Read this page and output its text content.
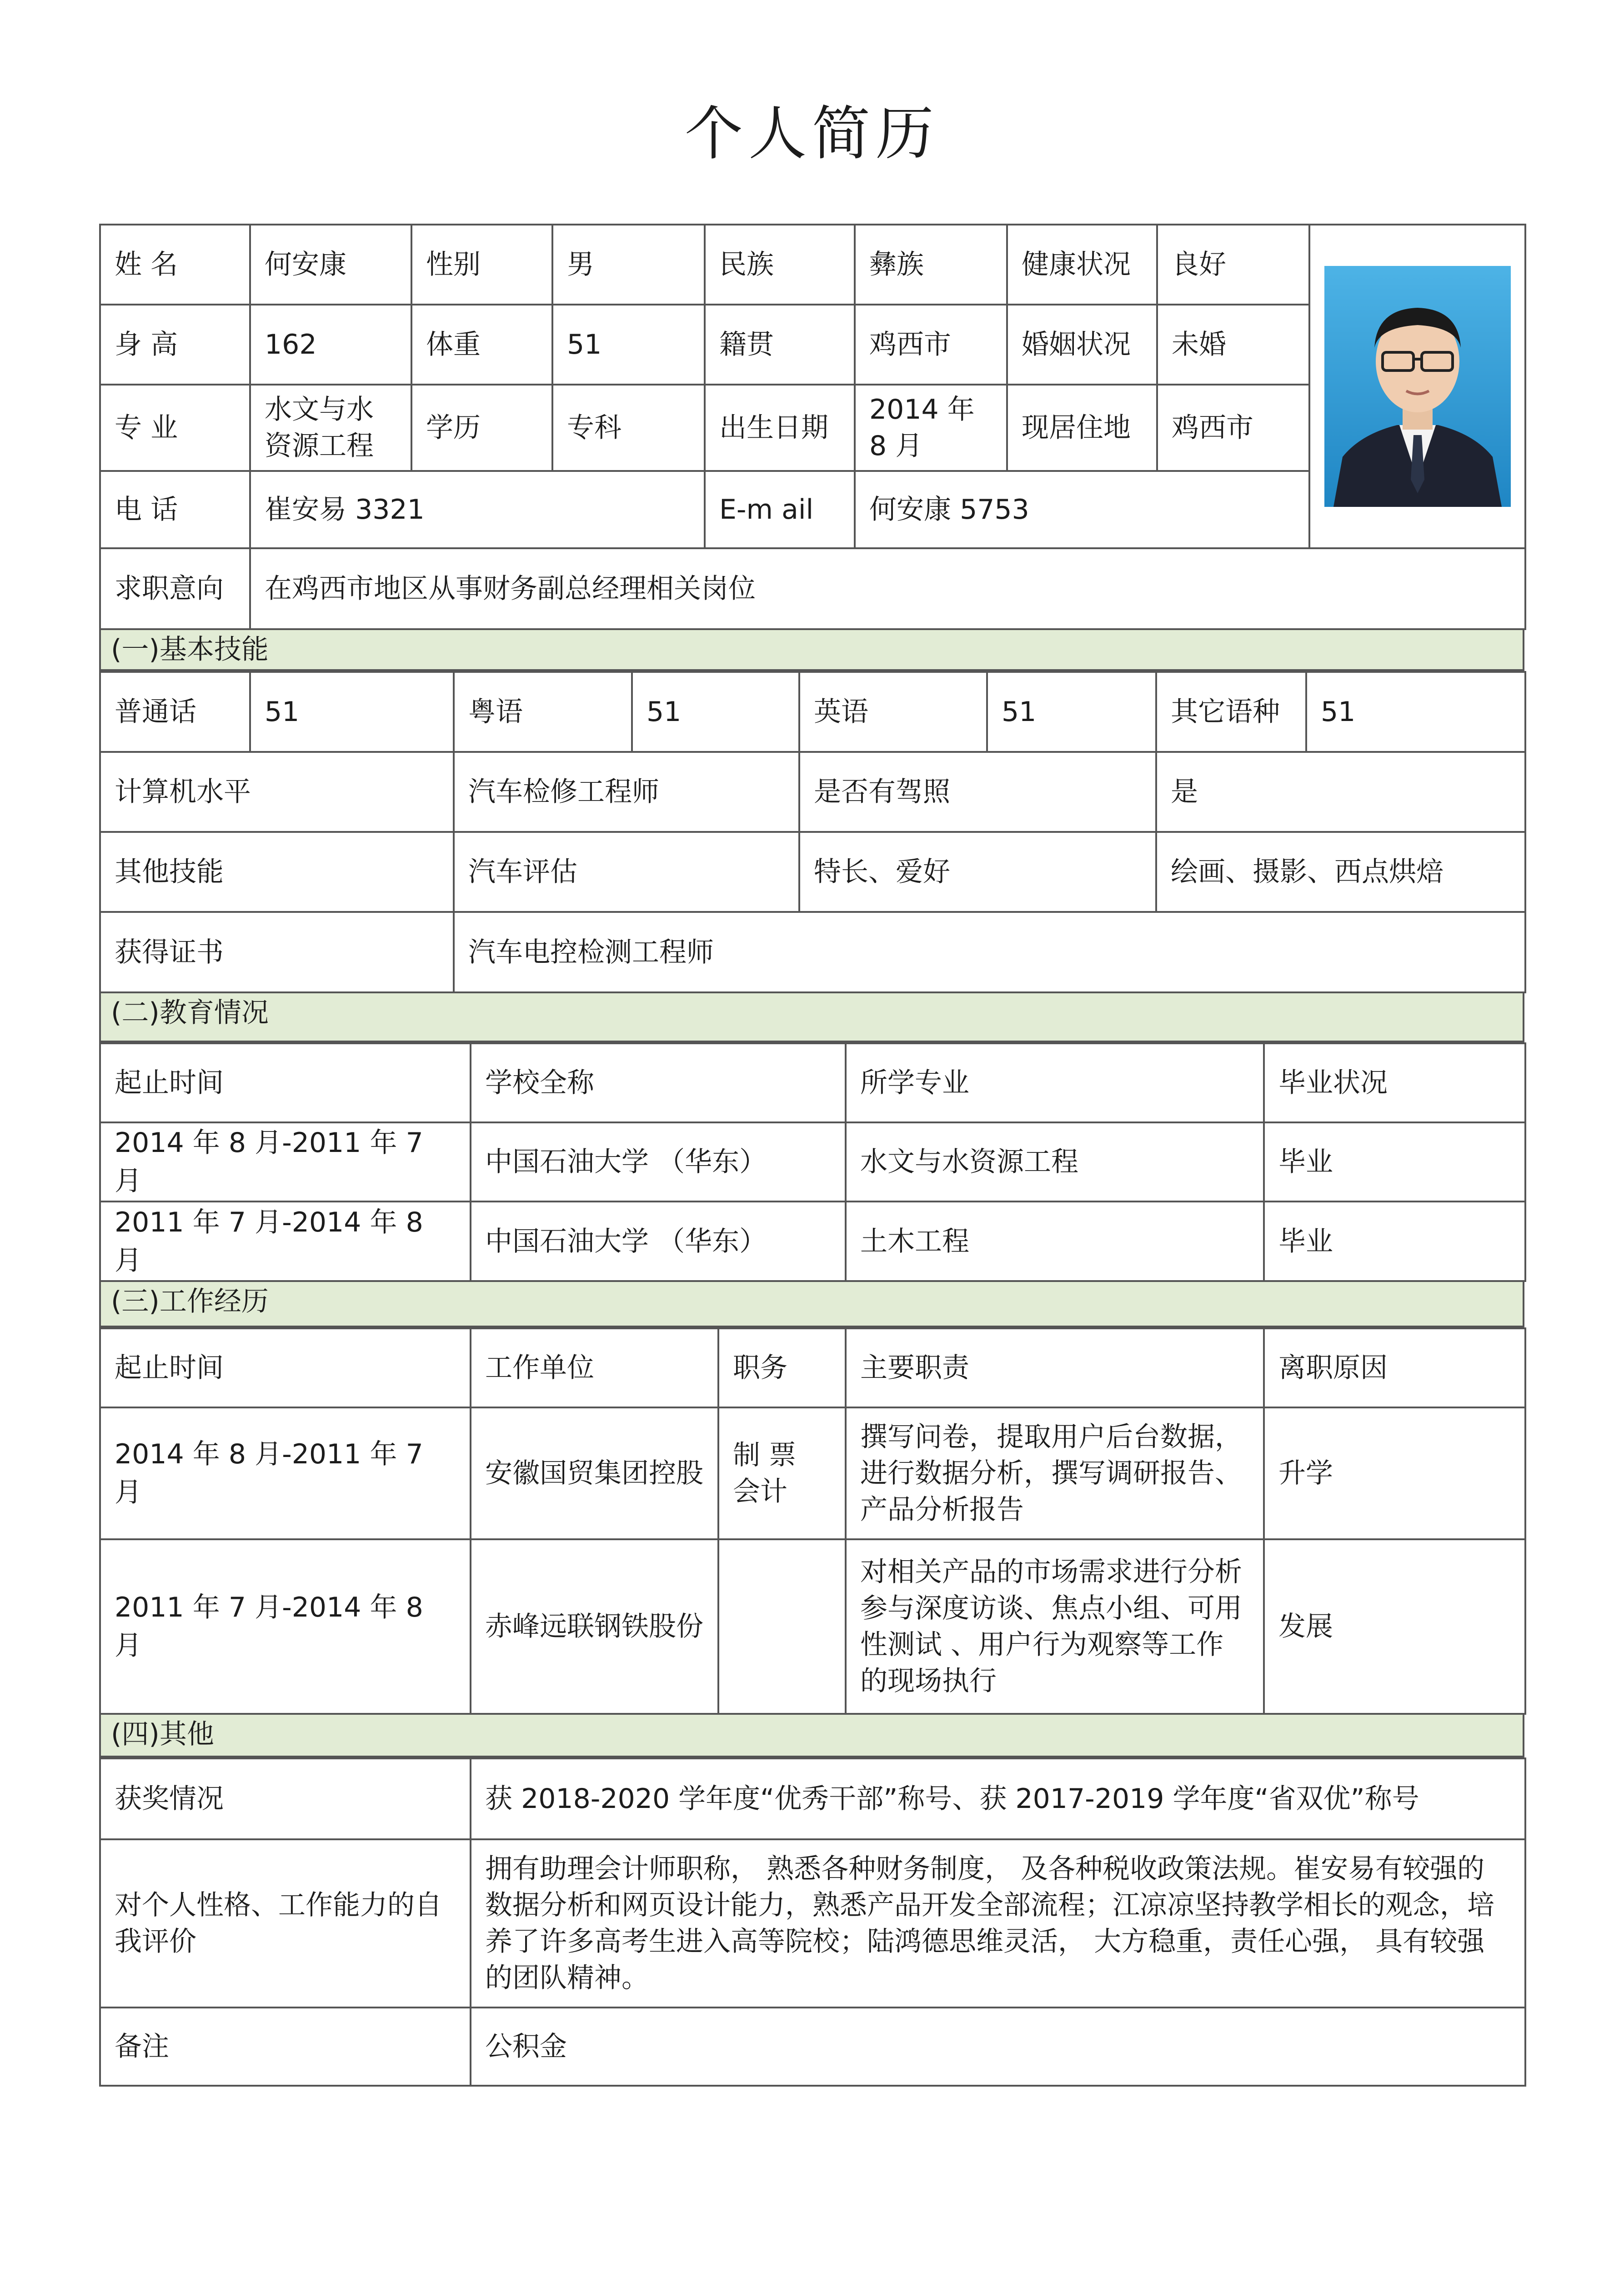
个人简历
姓 名	何安康	性别	男	民族	彝族	健康状况	良好	

身 高	162	体重	51	籍贯	鸡西市	婚姻状况	未婚	
专 业	水文与水资源工程	学历	专科	出生日期	2014 年 8 月	现居住地	鸡西市	
电 话	崔安易 3321			E-m ail	何安康 5753			
求职意向	在鸡西市地区从事财务副总经理相关岗位							
(一)基本技能
普通话	51	粤语	51	英语	51	其它语种	51
计算机水平		汽车检修工程师		是否有驾照		是	
其他技能		汽车评估		特长、爱好		绘画、摄影、西点烘焙	
获得证书		汽车电控检测工程师					
(二)教育情况
起止时间	学校全称	所学专业	毕业状况
2014 年 8 月-2011 年 7 月	中国石油大学 （华东）	水文与水资源工程	毕业
2011 年 7 月-2014 年 8 月	中国石油大学 （华东）	土木工程	毕业
(三)工作经历
起止时间	工作单位	职务	主要职责	离职原因
2014 年 8 月-2011 年 7 月	安徽国贸集团控股	制 票 会计	撰写问卷，提取用户后台数据，进行数据分析，撰写调研报告、产品分析报告	升学
2011 年 7 月-2014 年 8 月	赤峰远联钢铁股份		对相关产品的市场需求进行分析参与深度访谈、焦点小组、可用性测试 、用户行为观察等工作的现场执行	发展
(四)其他
获奖情况	获 2018-2020 学年度“优秀干部”称号、获 2017-2019 学年度“省双优”称号
对个人性格、工作能力的自我评价	拥有助理会计师职称， 熟悉各种财务制度， 及各种税收政策法规。崔安易有较强的数据分析和网页设计能力，熟悉产品开发全部流程；江凉凉坚持教学相长的观念，培养了许多高考生进入高等院校；陆鸿德思维灵活， 大方稳重，责任心强， 具有较强的团队精神。
备注	公积金
